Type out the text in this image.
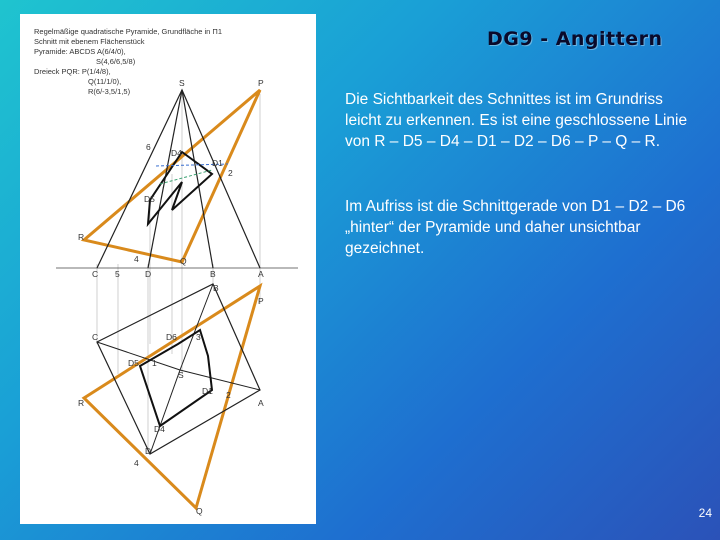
Regelmäßige quadratische Pyramide, Grundfläche in Π1
Schnitt mit ebenem Flächenstück
Pyramide: ABCDS A(6/4/0),
S(4,6/6,5/8)
Dreieck PQR: P(1/4/8),
Q(11/1/0),
R(6/-3,5/1,5)
S	P
R
Q
D4
D1
D5
2
6
4
C 5	D	B	A
B
P
C	D6 3
D5 1
S
D1 2
A
R
D4
D
4
Q
DG9 - Angittern
Die Sichtbarkeit des Schnittes ist im Grundriss leicht zu erkennen. Es ist eine geschlossene Linie von R – D5 – D4 – D1 – D2 – D6 – P – Q – R.
Im Aufriss ist die Schnittgerade von D1 – D2 – D6 „hinter“ der Pyramide und daher unsichtbar gezeichnet.
24
